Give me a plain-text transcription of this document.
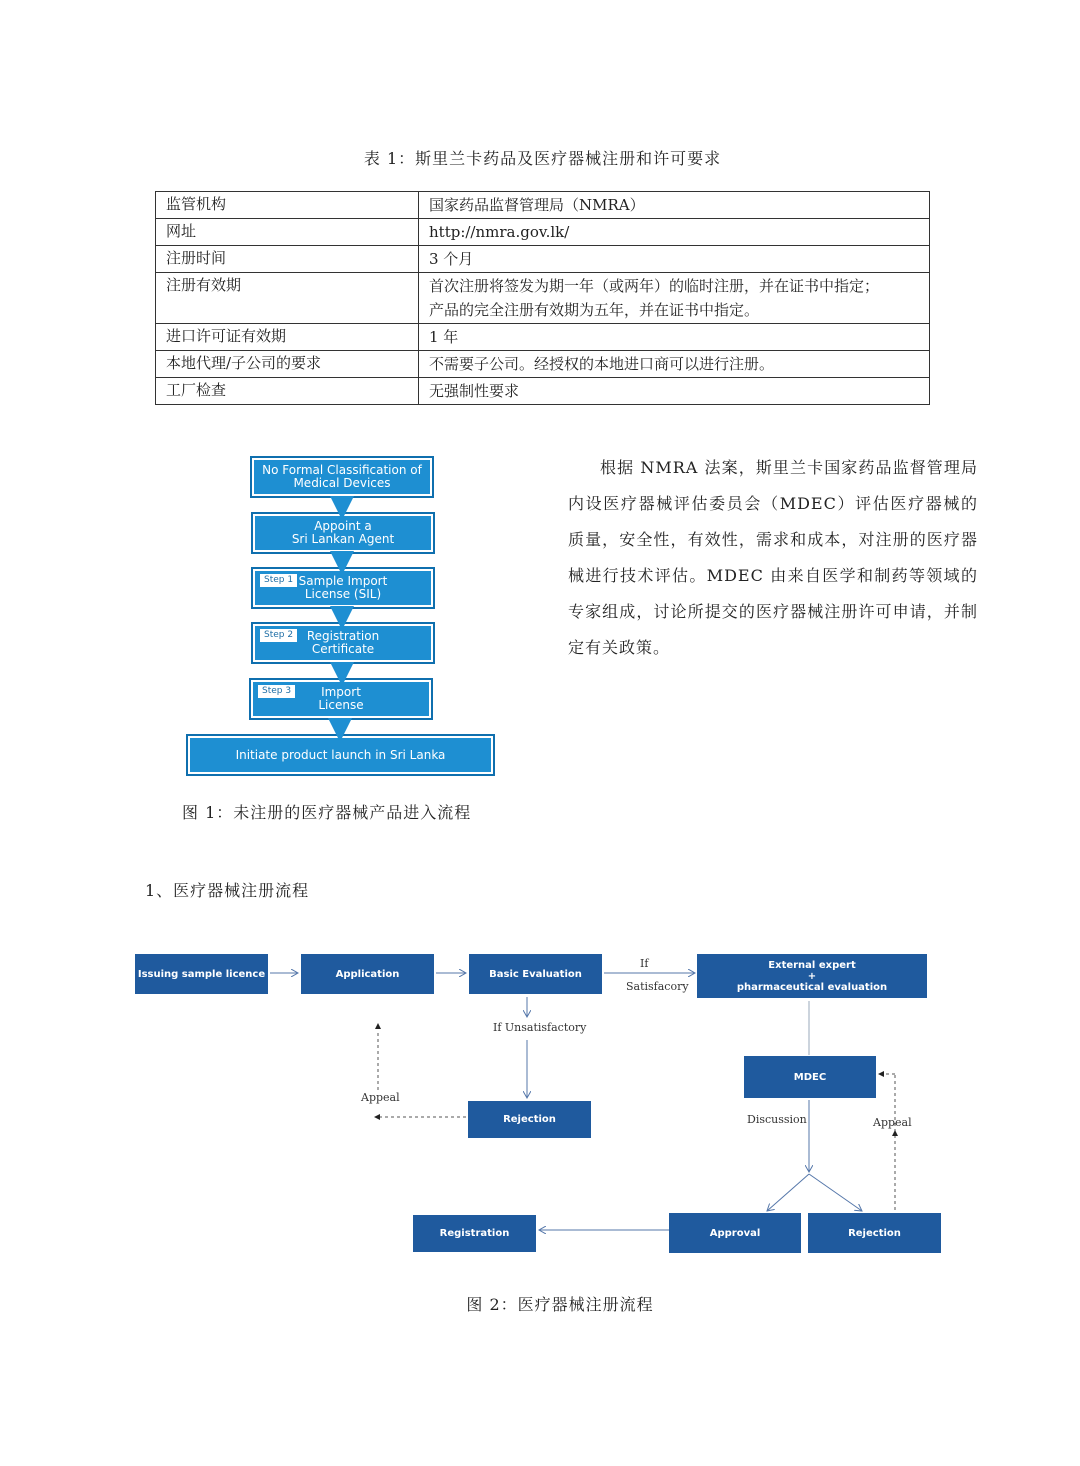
表 1：斯里兰卡药品及医疗器械注册和许可要求
监管机构	国家药品监督管理局（NMRA）

网址	http://nmra.gov.lk/

注册时间	3 个月

注册有效期	首次注册将签发为期一年（或两年）的临时注册，并在证书中指定；
产品的完全注册有效期为五年，并在证书中指定。

进口许可证有效期	1 年

本地代理/子公司的要求	不需要子公司。经授权的本地进口商可以进行注册。

工厂检查	无强制性要求
No Formal Classification of
Medical Devices
Appoint a
Sri Lankan Agent
Step 1 Sample Import
License (SIL)
Step 2	Registration
Certificate
Step 3	Import
License
Initiate product launch in Sri Lanka
图 1：未注册的医疗器械产品进入流程
根据 NMRA 法案，斯里兰卡国家药品监督管理局内设医疗器械评估委员会（MDEC）评估医疗器械的质量，安全性，有效性，需求和成本，对注册的医疗器械进行技术评估。MDEC 由来自医学和制药等领域的专家组成，讨论所提交的医疗器械注册许可申请，并制定有关政策。
1、医疗器械注册流程
Issuing sample licence	Application	Basic Evaluation
External expert
+
pharmaceutical evaluation
MDEC
Rejection
Registration	Approval	Rejection
If
Satisfacory
If Unsatisfactory
Appeal
Discussion	Appeal
图 2：医疗器械注册流程
